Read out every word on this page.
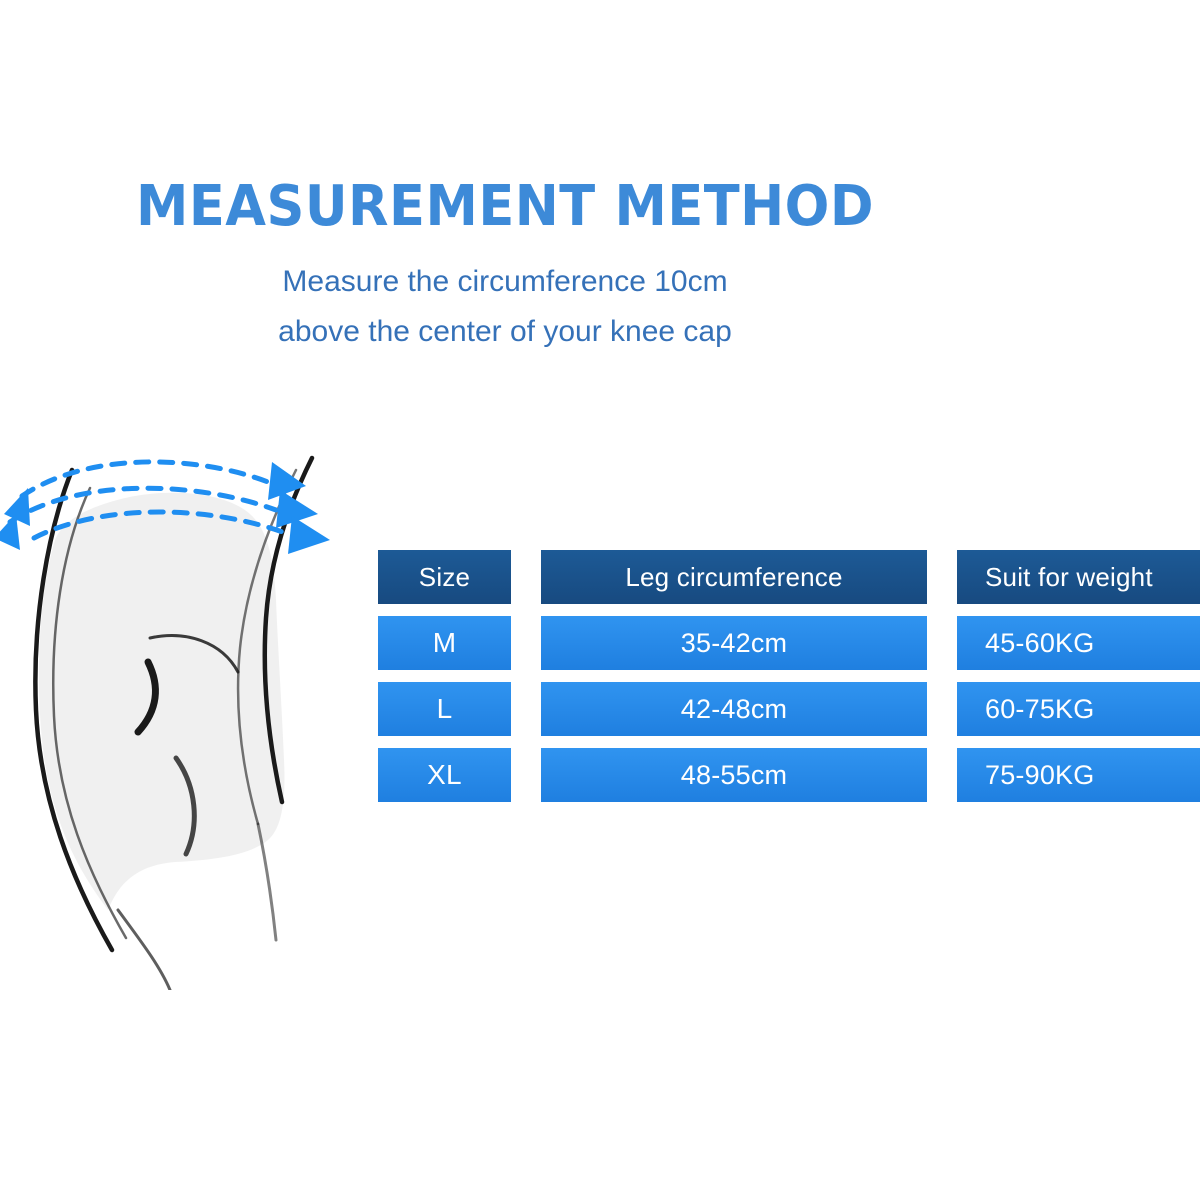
MEASUREMENT METHOD
Measure the circumference 10cm
above the center of your knee cap
Size	Leg circumference	Suit for weight
M	35-42cm	45-60KG
L	42-48cm	60-75KG
XL	48-55cm	75-90KG
